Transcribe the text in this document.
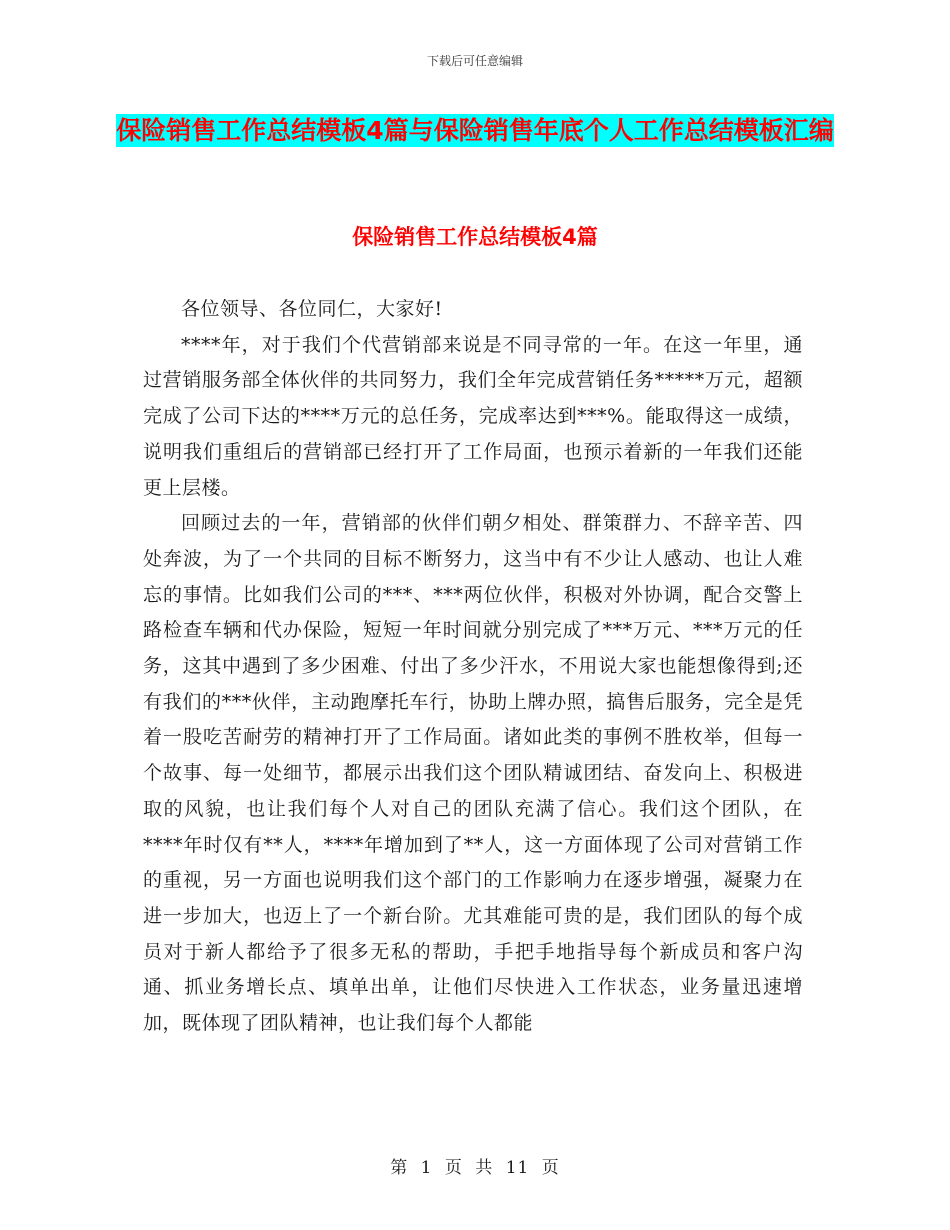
下载后可任意编辑
保险销售工作总结模板4篇与保险销售年底个人工作总结模板汇编
保险销售工作总结模板4篇

各位领导、各位同仁，大家好!

****年，对于我们个代营销部来说是不同寻常的一年。在这一年里，通过营销服务部全体伙伴的共同努力，我们全年完成营销任务*****万元，超额完成了公司下达的****万元的总任务，完成率达到***%。能取得这一成绩，说明我们重组后的营销部已经打开了工作局面，也预示着新的一年我们还能更上层楼。

回顾过去的一年，营销部的伙伴们朝夕相处、群策群力、不辞辛苦、四处奔波，为了一个共同的目标不断努力，这当中有不少让人感动、也让人难忘的事情。比如我们公司的***、***两位伙伴，积极对外协调，配合交警上路检查车辆和代办保险，短短一年时间就分别完成了***万元、***万元的任务，这其中遇到了多少困难、付出了多少汗水，不用说大家也能想像得到;还有我们的***伙伴，主动跑摩托车行，协助上牌办照，搞售后服务，完全是凭着一股吃苦耐劳的精神打开了工作局面。诸如此类的事例不胜枚举，但每一个故事、每一处细节，都展示出我们这个团队精诚团结、奋发向上、积极进取的风貌，也让我们每个人对自己的团队充满了信心。我们这个团队，在****年时仅有**人，****年增加到了**人，这一方面体现了公司对营销工作的重视，另一方面也说明我们这个部门的工作影响力在逐步增强，凝聚力在进一步加大，也迈上了一个新台阶。尤其难能可贵的是，我们团队的每个成员对于新人都给予了很多无私的帮助，手把手地指导每个新成员和客户沟通、抓业务增长点、填单出单，让他们尽快进入工作状态，业务量迅速增加，既体现了团队精神，也让我们每个人都能

第 1 页 共 11 页
